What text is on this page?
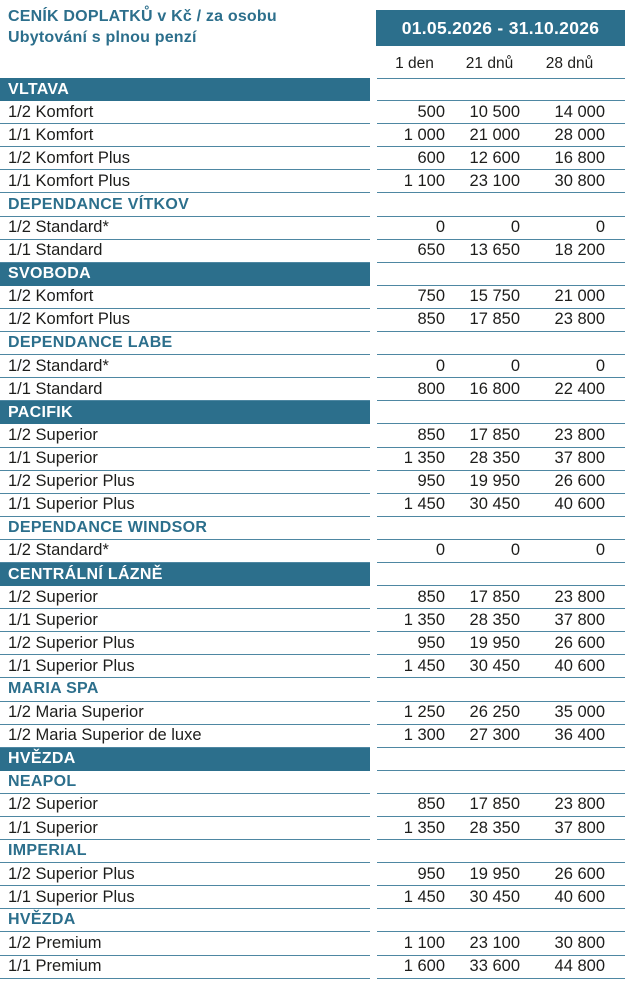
CENÍK DOPLATKŮ v Kč / za osobu
Ubytování s plnou penzí	01.05.2026 - 31.10.2026
1 den	21 dnů	28 dnů
VLTAVA
1/2 Komfort	500	10 500	14 000
1/1 Komfort	1 000	21 000	28 000
1/2 Komfort Plus	600	12 600	16 800
1/1 Komfort Plus	1 100	23 100	30 800
DEPENDANCE VÍTKOV
1/2 Standard*	0	0	0
1/1 Standard	650	13 650	18 200
SVOBODA
1/2 Komfort	750	15 750	21 000
1/2 Komfort Plus	850	17 850	23 800
DEPENDANCE LABE
1/2 Standard*	0	0	0
1/1 Standard	800	16 800	22 400
PACIFIK
1/2 Superior	850	17 850	23 800
1/1 Superior	1 350	28 350	37 800
1/2 Superior Plus	950	19 950	26 600
1/1 Superior Plus	1 450	30 450	40 600
DEPENDANCE WINDSOR
1/2 Standard*	0	0	0
CENTRÁLNÍ LÁZNĚ
1/2 Superior	850	17 850	23 800
1/1 Superior	1 350	28 350	37 800
1/2 Superior Plus	950	19 950	26 600
1/1 Superior Plus	1 450	30 450	40 600
MARIA SPA
1/2 Maria Superior	1 250	26 250	35 000
1/2 Maria Superior de luxe	1 300	27 300	36 400
HVĚZDA
NEAPOL
1/2 Superior	850	17 850	23 800
1/1 Superior	1 350	28 350	37 800
IMPERIAL
1/2 Superior Plus	950	19 950	26 600
1/1 Superior Plus	1 450	30 450	40 600
HVĚZDA
1/2 Premium	1 100	23 100	30 800
1/1 Premium	1 600	33 600	44 800
